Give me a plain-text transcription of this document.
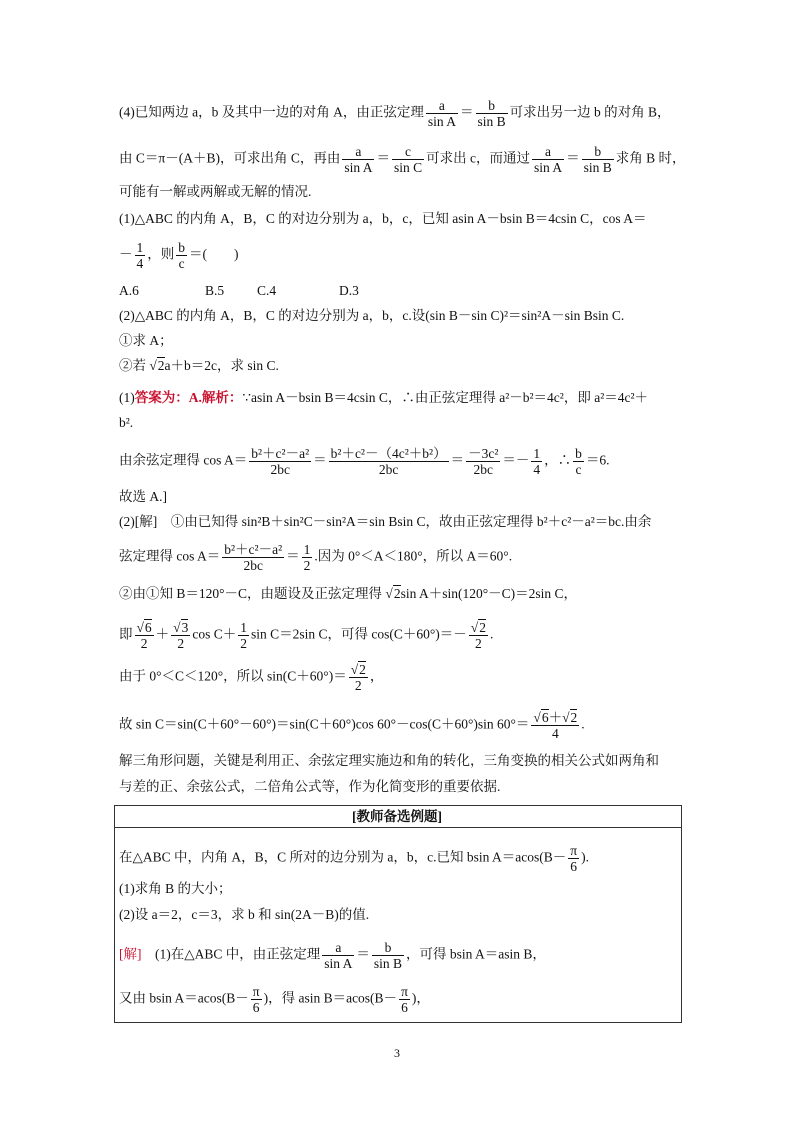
(4)已知两边 a，b 及其中一边的对角 A，由正弦定理 $\frac{a}{\text{sin A}} = \frac{b}{\text{sin B}}$ 可求出另一边 b 的对角 B，
由 C＝π－(A＋B)，可求出角 C，再由 $\frac{a}{\text{sin A}} = \frac{c}{\text{sin C}}$ 可求出 c，而通过 $\frac{a}{\text{sin A}} = \frac{b}{\text{sin B}}$ 求角 B 时，
可能有一解或两解或无解的情况.
(1)△ABC 的内角 A，B，C 的对边分别为 a，b，c，已知 asin A－bsin B＝4csin C，cos A＝
－ $\frac{1}{4}$ ，则 $\frac{b}{c}$ ＝(　　)
A.6	B.5 C.4	D.3
(2)△ABC 的内角 A，B，C 的对边分别为 a，b，c.设(sin B－sin C)²＝sin²A－sin Bsin C.
①求 A；
②若 √2a＋b＝2c，求 sin C.
(1)答案为：A.解析：∵asin A－bsin B＝4csin C，∴由正弦定理得 a²－b²＝4c²，即 a²＝4c²＋
b².
由余弦定理得 $\cos A= \frac{\text{b²＋c²－a²}}{2bc} = \frac{\text{b²＋c²－（4c²＋b²）}}{2bc} = \frac{\text{－3c²}}{2bc} =- \frac{1}{4}$ ，∴ $\frac{b}{c} =6$.
故选 A.]
(2)[解]　①由已知得 sin²B＋sin²C－sin²A＝sin Bsin C，故由正弦定理得 b²＋c²－a²＝bc.由余
弦定理得 $\cos A= \frac{\text{b²＋c²－a²}}{2bc} = \frac{1}{2}$ .因为 0°＜A＜180°，所以 A＝60°.
②由①知 B＝120°－C，由题设及正弦定理得 √2sin A＋sin(120°－C)＝2sin C，
即 $\frac{√6}{2} + \frac{√3}{2}$ $\cos C+ \frac{1}{2}$ sin C＝2sin C，可得 $\cos(C+60^\circ)=- \frac{√2}{2}$ .
由于 0°＜C＜120°，所以 $\sin(C+60^\circ)= \frac{√2}{2}$ ，
故 sin C＝sin(C＋60°－60°)＝sin(C＋60°)cos 60°－cos(C＋60°)sin $60^\circ= \frac{√6+√2}{4}$ .
解三角形问题，关键是利用正、余弦定理实施边和角的转化，三角变换的相关公式如两角和
与差的正、余弦公式，二倍角公式等，作为化简变形的重要依据.
[教师备选例题]
在△ABC 中，内角 A，B，C 所对的边分别为 a，b，c.已知 bsin $A=acos(B- \frac{\pi}{6}$ ).
(1)求角 B 的大小；
(2)设 a＝2，c＝3，求 b 和 sin(2A－B)的值.
[解]　(1)在△ABC 中，由正弦定理 $\frac{a}{\text{sin A}} = \frac{b}{\text{sin B}}$ ，可得 bsin A＝asin B，
又由 bsin $A=acos(B- \frac{\pi}{6}$ )，得 asin $B=acos(B- \frac{\pi}{6}$ )，
3
